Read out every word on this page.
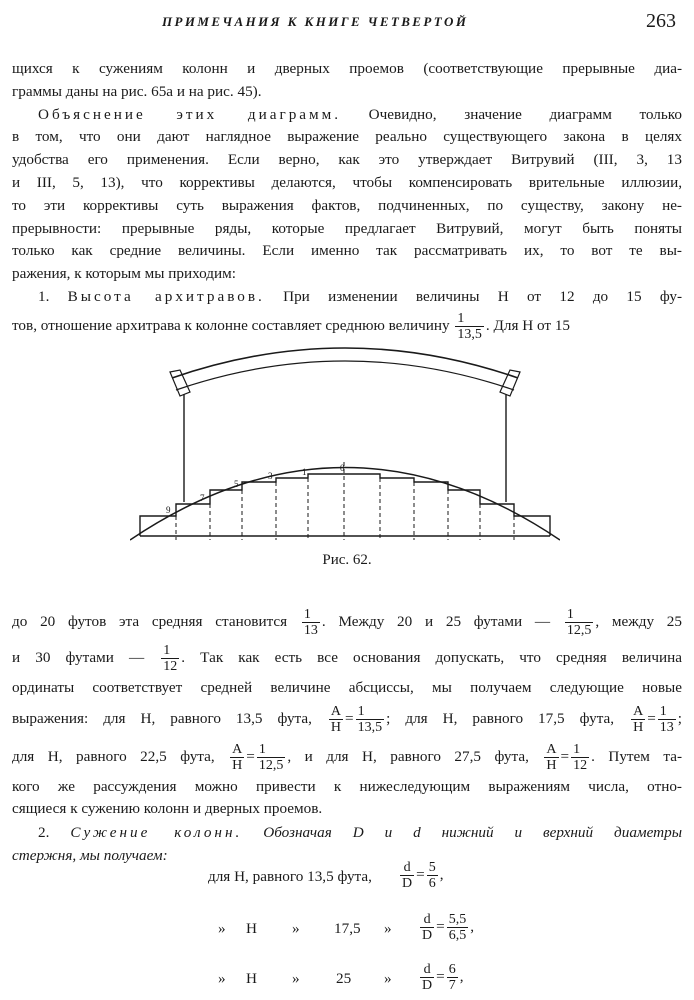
ПРИМЕЧАНИЯ К КНИГЕ ЧЕТВЕРТОЙ	263
щихся к сужениям колонн и дверных проемов (соответствующие прерывные диа-
граммы даны на рис. 65а и на рис. 45).
Объяснение этих диаграмм. Очевидно, значение диаграмм только
в том, что они дают наглядное выражение реально существующего закона в целях
удобства его применения. Если верно, как это утверждает Витрувий (III, 3, 13
и III, 5, 13), что коррективы делаются, чтобы компенсировать врительные иллюзии,
то эти коррективы суть выражения фактов, подчиненных, по существу, закону не-
прерывности: прерывные ряды, которые предлагает Витрувий, могут быть поняты
только как средние величины. Если именно так рассматривать их, то вот те вы-
ражения, к которым мы приходим:
1. Высота архитравов. При изменении величины H от 12 до 15 фу-
тов, отношение архитрава к колонне составляет среднюю величину $\frac{1}{13,5}$ . Для H от 15
0
1
3
5
7
9
Рис. 62.
до 20 футов эта средняя становится $\frac{1}{13}$ . Между 20 и 25 футами — $\frac{1}{12,5}$ , между 25
и 30 футами — $\frac{1}{12}$ . Так как есть все основания допускать, что средняя величина
ординаты соответствует средней величине абсциссы, мы получаем следующие новые
выражения: для H, равного 13,5 фута, $\frac{A}{H} = \frac{1}{13,5}$ ; для H, равного 17,5 фута, $\frac{A}{H} = \frac{1}{13}$ ;
для H, равного 22,5 фута, $\frac{A}{H} = \frac{1}{12,5}$ , и для H, равного 27,5 фута, $\frac{A}{H} = \frac{1}{12}$ . Путем та-
кого же рассуждения можно привести к нижеследующим выражениям числа, отно-
сящиеся к сужению колонн и дверных проемов.
2. Сужение колонн. Обозначая D и d нижний и верхний диаметры
стержня, мы получаем:
для H, равного 13,5 фута, $\frac{d}{D} = \frac{5}{6}$ ,
» H » 17,5 » $\frac{d}{D} = \frac{5,5}{6,5}$ ,
» H » 25 » $\frac{d}{D} = \frac{6}{7}$ ,
